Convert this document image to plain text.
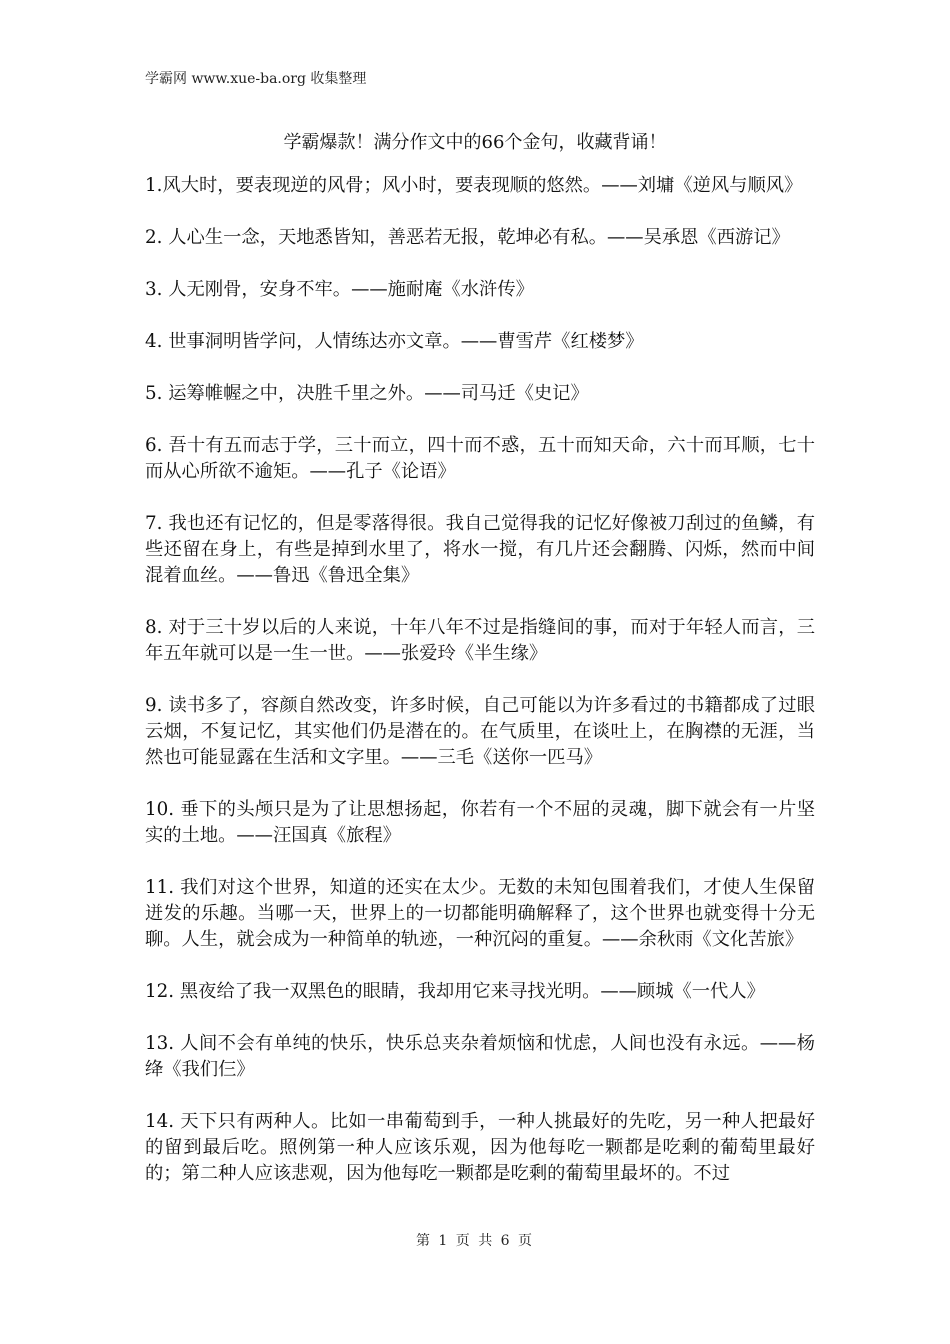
学霸网 www.xue-ba.org 收集整理
学霸爆款！满分作文中的66个金句，收藏背诵！

1.风大时，要表现逆的风骨；风小时，要表现顺的悠然。——刘墉《逆风与顺风》

2. 人心生一念，天地悉皆知，善恶若无报，乾坤必有私。——吴承恩《西游记》

3. 人无刚骨，安身不牢。——施耐庵《水浒传》

4. 世事洞明皆学问，人情练达亦文章。——曹雪芹《红楼梦》

5. 运筹帷幄之中，决胜千里之外。——司马迁《史记》

6. 吾十有五而志于学，三十而立，四十而不惑，五十而知天命，六十而耳顺，七十而从心所欲不逾矩。——孔子《论语》

7. 我也还有记忆的，但是零落得很。我自己觉得我的记忆好像被刀刮过的鱼鳞，有些还留在身上，有些是掉到水里了，将水一搅，有几片还会翻腾、闪烁，然而中间混着血丝。——鲁迅《鲁迅全集》

8. 对于三十岁以后的人来说，十年八年不过是指缝间的事，而对于年轻人而言，三年五年就可以是一生一世。——张爱玲《半生缘》

9. 读书多了，容颜自然改变，许多时候，自己可能以为许多看过的书籍都成了过眼云烟，不复记忆，其实他们仍是潜在的。在气质里，在谈吐上，在胸襟的无涯，当然也可能显露在生活和文字里。——三毛《送你一匹马》

10. 垂下的头颅只是为了让思想扬起，你若有一个不屈的灵魂，脚下就会有一片坚实的土地。——汪国真《旅程》

11. 我们对这个世界，知道的还实在太少。无数的未知包围着我们，才使人生保留迸发的乐趣。当哪一天，世界上的一切都能明确解释了，这个世界也就变得十分无聊。人生，就会成为一种简单的轨迹，一种沉闷的重复。——余秋雨《文化苦旅》

12. 黑夜给了我一双黑色的眼睛，我却用它来寻找光明。——顾城《一代人》

13. 人间不会有单纯的快乐，快乐总夹杂着烦恼和忧虑，人间也没有永远。——杨绛《我们仨》

14. 天下只有两种人。比如一串葡萄到手，一种人挑最好的先吃，另一种人把最好的留到最后吃。照例第一种人应该乐观，因为他每吃一颗都是吃剩的葡萄里最好的；第二种人应该悲观，因为他每吃一颗都是吃剩的葡萄里最坏的。不过

第 1 页 共 6 页
